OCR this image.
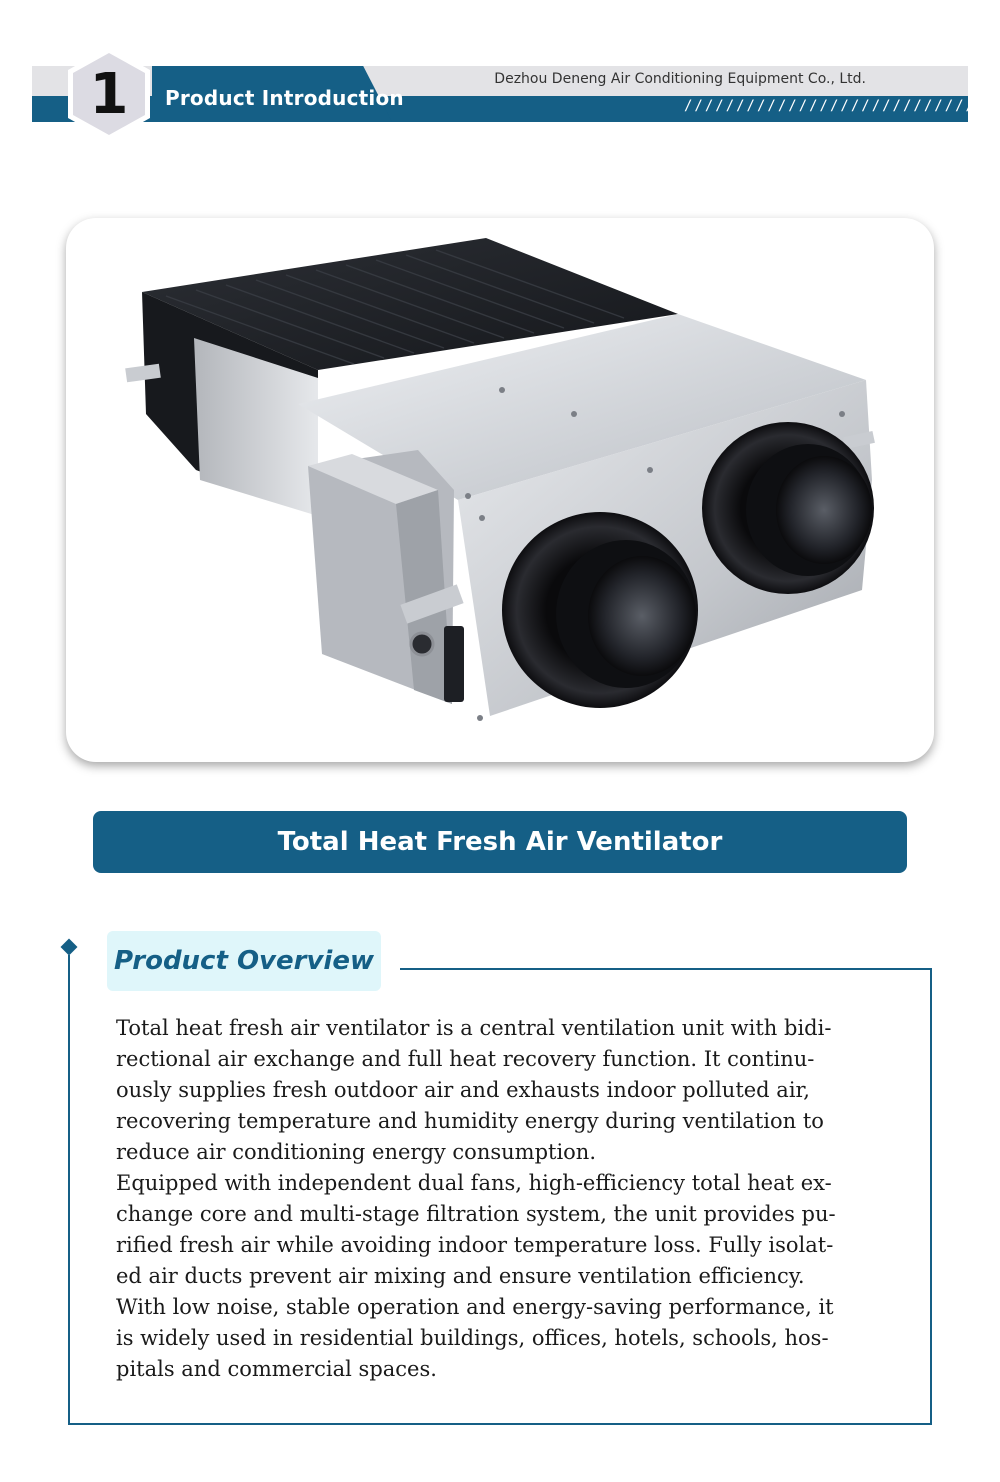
Product Introduction
Dezhou Deneng Air Conditioning Equipment Co., Ltd.
////////////////////////////
1
Total Heat Fresh Air Ventilator
Product Overview
Total heat fresh air ventilator is a central ventilation unit with bidi-
rectional air exchange and full heat recovery function. It continu-
ously supplies fresh outdoor air and exhausts indoor polluted air,
recovering temperature and humidity energy during ventilation to
reduce air conditioning energy consumption.
Equipped with independent dual fans, high-efficiency total heat ex-
change core and multi-stage filtration system, the unit provides pu-
rified fresh air while avoiding indoor temperature loss. Fully isolat-
ed air ducts prevent air mixing and ensure ventilation efficiency.
With low noise, stable operation and energy-saving performance, it
is widely used in residential buildings, offices, hotels, schools, hos-
pitals and commercial spaces.
